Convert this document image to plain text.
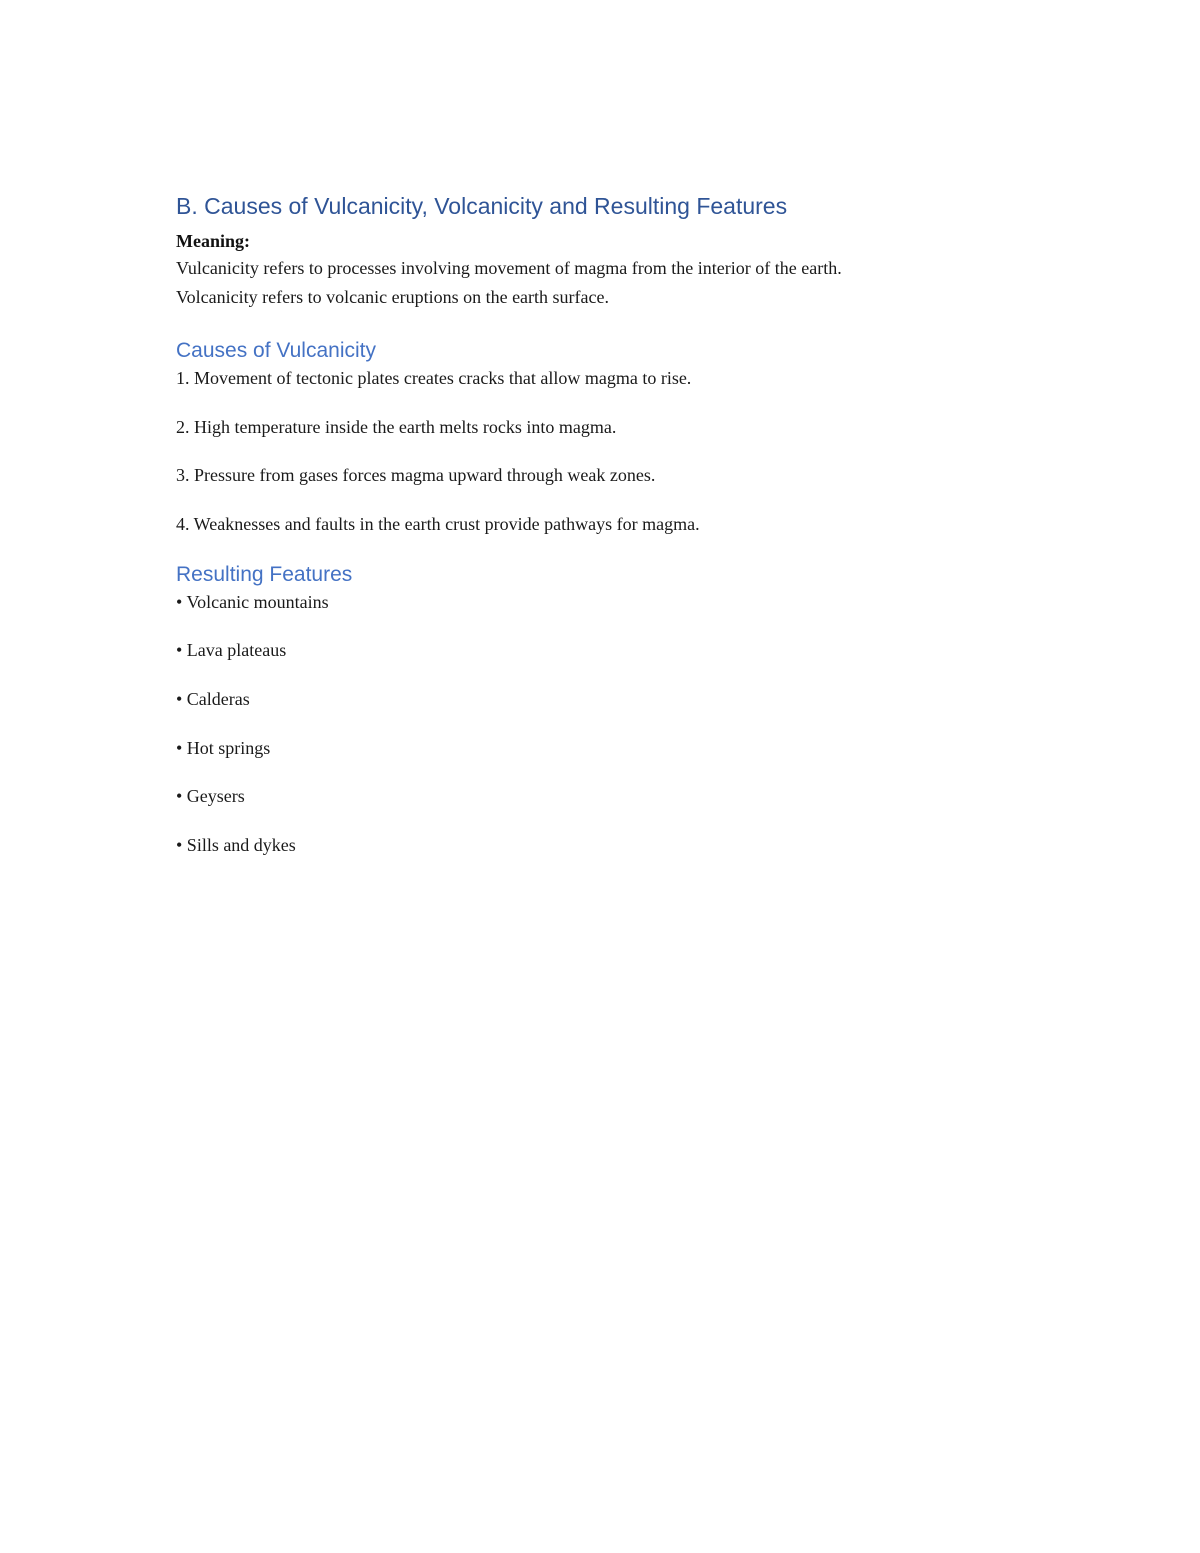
B. Causes of Vulcanicity, Volcanicity and Resulting Features

Meaning:

Vulcanicity refers to processes involving movement of magma from the interior of the earth.

Volcanicity refers to volcanic eruptions on the earth surface.

Causes of Vulcanicity
1. Movement of tectonic plates creates cracks that allow magma to rise.
2. High temperature inside the earth melts rocks into magma.
3. Pressure from gases forces magma upward through weak zones.
4. Weaknesses and faults in the earth crust provide pathways for magma.
Resulting Features
• Volcanic mountains
• Lava plateaus
• Calderas
• Hot springs
• Geysers
• Sills and dykes
